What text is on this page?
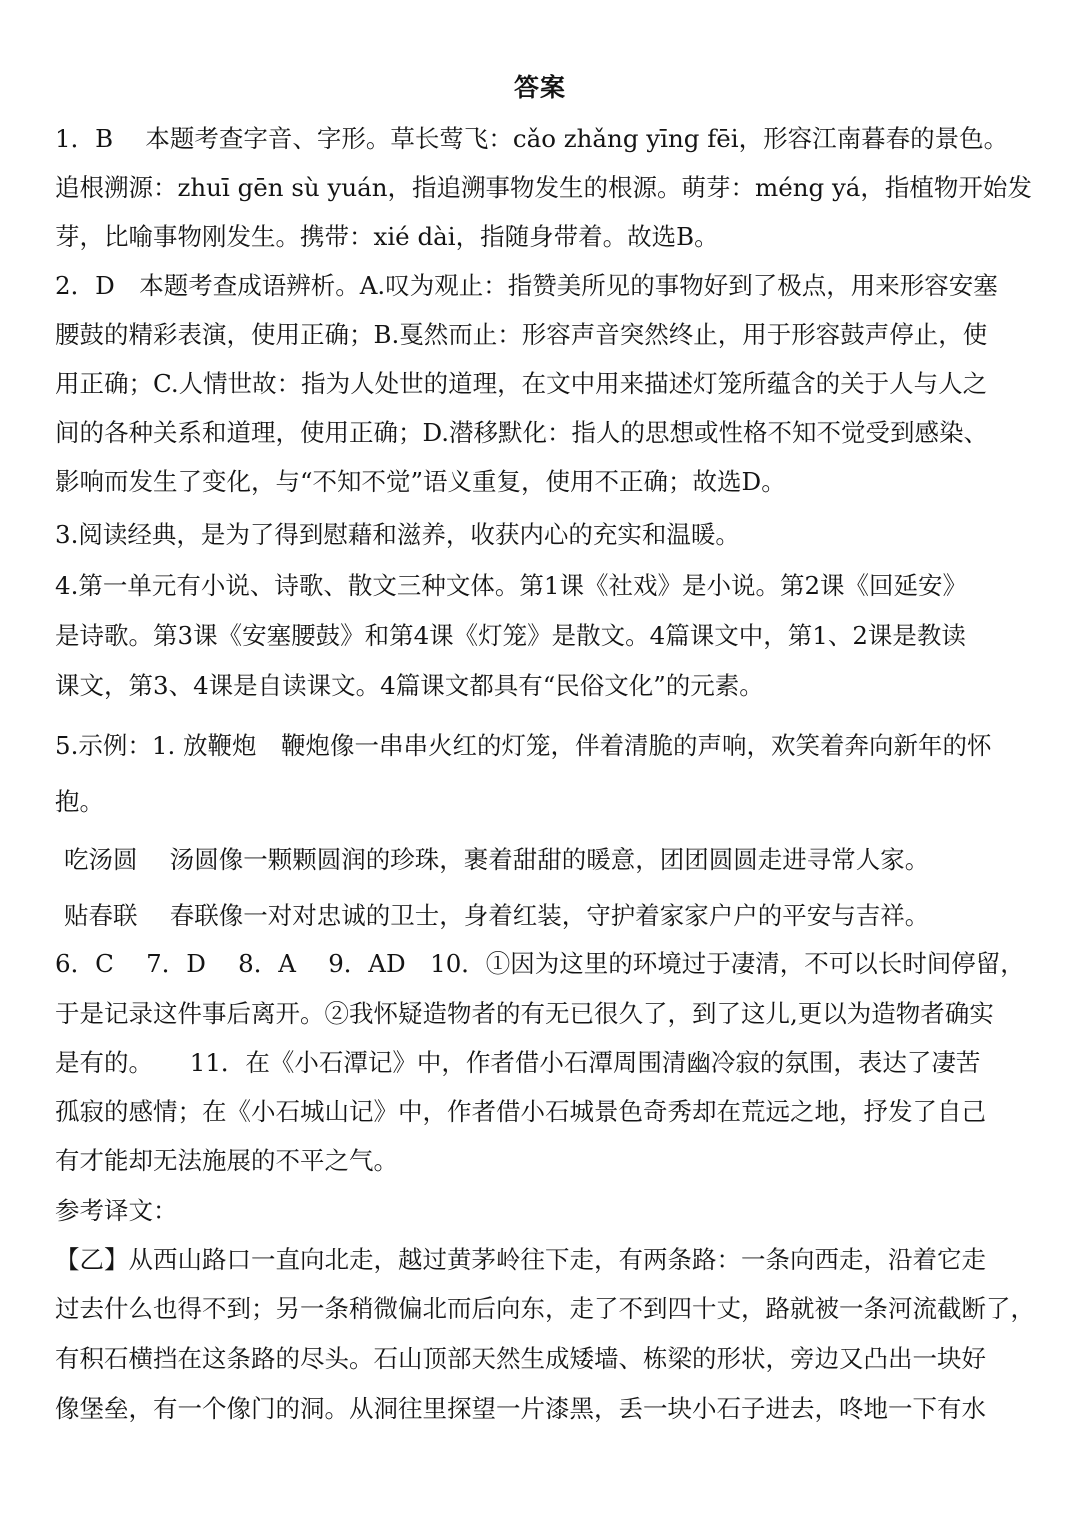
答案
1．B　 本题考查字音、字形。草长莺飞：cǎo zhǎng yīng fēi，形容江南暮春的景色。
追根溯源：zhuī gēn sù yuán，指追溯事物发生的根源。萌芽：méng yá，指植物开始发
芽，比喻事物刚发生。携带：xié dài，指随身带着。故选B。
2．D　本题考查成语辨析。A.叹为观止：指赞美所见的事物好到了极点，用来形容安塞
腰鼓的精彩表演，使用正确；B.戛然而止：形容声音突然终止，用于形容鼓声停止，使
用正确；C.人情世故：指为人处世的道理，在文中用来描述灯笼所蕴含的关于人与人之
间的各种关系和道理，使用正确；D.潜移默化：指人的思想或性格不知不觉受到感染、
影响而发生了变化，与“不知不觉”语义重复，使用不正确；故选D。
3.阅读经典，是为了得到慰藉和滋养，收获内心的充实和温暖。
4.第一单元有小说、诗歌、散文三种文体。第1课《社戏》是小说。第2课《回延安》
是诗歌。第3课《安塞腰鼓》和第4课《灯笼》是散文。4篇课文中，第1、2课是教读
课文，第3、4课是自读课文。4篇课文都具有“民俗文化”的元素。
5.示例：1. 放鞭炮　鞭炮像一串串火红的灯笼，伴着清脆的声响，欢笑着奔向新年的怀
抱。
吃汤圆　 汤圆像一颗颗圆润的珍珠，裹着甜甜的暖意，团团圆圆走进寻常人家。
贴春联　 春联像一对对忠诚的卫士，身着红装，守护着家家户户的平安与吉祥。
6．C　 7．D　 8．A　 9．AD　10．①因为这里的环境过于凄清，不可以长时间停留，
于是记录这件事后离开。②我怀疑造物者的有无已很久了，到了这儿,更以为造物者确实
是有的。　　11．在《小石潭记》中，作者借小石潭周围清幽冷寂的氛围，表达了凄苦
孤寂的感情；在《小石城山记》中，作者借小石城景色奇秀却在荒远之地，抒发了自己
有才能却无法施展的不平之气。
参考译文：
【乙】从西山路口一直向北走，越过黄茅岭往下走，有两条路：一条向西走，沿着它走
过去什么也得不到；另一条稍微偏北而后向东，走了不到四十丈，路就被一条河流截断了，
有积石横挡在这条路的尽头。石山顶部天然生成矮墙、栋梁的形状，旁边又凸出一块好
像堡垒，有一个像门的洞。从洞往里探望一片漆黑，丢一块小石子进去，咚地一下有水
